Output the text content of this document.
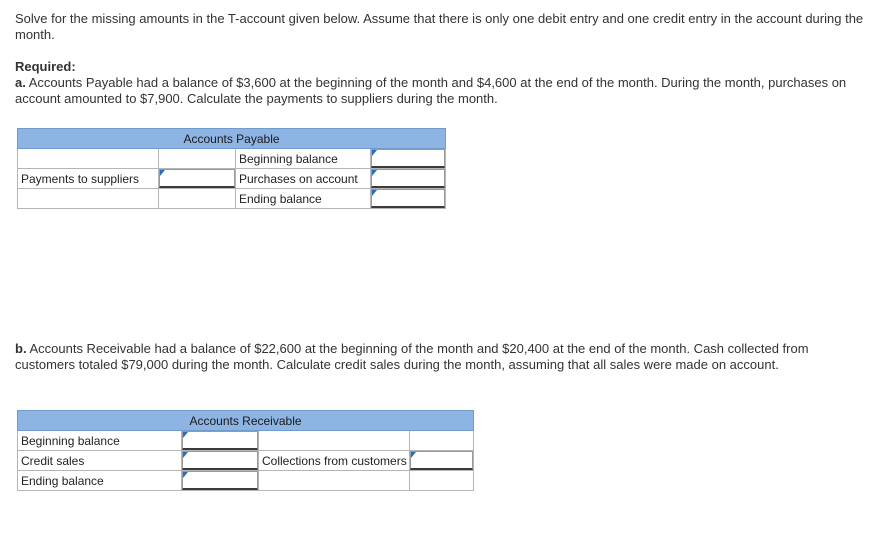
Solve for the missing amounts in the T-account given below. Assume that there is only one debit entry and one credit entry in the account during the month.
Required:
a. Accounts Payable had a balance of $3,600 at the beginning of the month and $4,600 at the end of the month. During the month, purchases on account amounted to $7,900. Calculate the payments to suppliers during the month.
Accounts Payable			
		Beginning balance	

Payments to suppliers		Purchases on account	

		Ending balance	
b. Accounts Receivable had a balance of $22,600 at the beginning of the month and $20,400 at the end of the month. Cash collected from customers totaled $79,000 during the month. Calculate credit sales during the month, assuming that all sales were made on account.
Accounts Receivable			
Beginning balance	

Credit sales		Collections from customers	

Ending balance	
